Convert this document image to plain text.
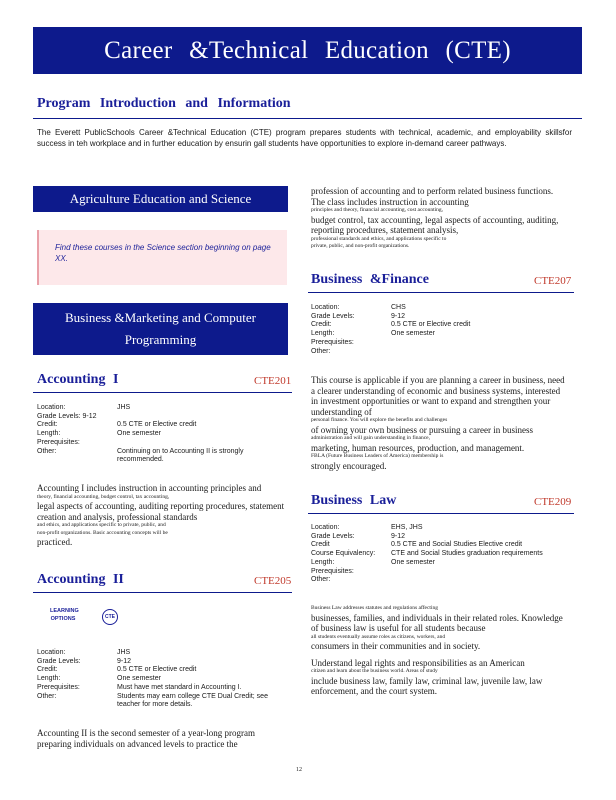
Career &Technical Education (CTE)
Program Introduction and Information
The Everett PublicSchools Career &Technical Education (CTE) program prepares students with technical, academic, and employability skillsfor success in teh workplace and in further education by ensurin gall students have opportunities to explore in-demand career pathways.
Agriculture Education and Science
Find these courses in the Science section beginning on page XX.
Business &Marketing and Computer Programming
Accounting I	CTE201
Location:	JHS
Grade Levels: 9-12
Credit:	0.5 CTE or Elective credit
Length:	One semester
Prerequisites:
Other:	Continuing on to Accounting II is strongly recommended.
Accounting I includes instruction in accounting principles and
theory, financial accounting, budget control, tax accounting,
legal aspects of accounting, auditing reporting procedures, statement creation and analysis, professional standards
and ethics, and applications specific to private, public, and
non-profit organizations. Basic accounting concepts will be
practiced.
Accounting II	CTE205
LEARNING OPTIONS	CTE
Location:	JHS
Grade Levels:	9-12
Credit:	0.5 CTE or Elective credit
Length:	One semester
Prerequisites:	Must have met standard in Accounting I.
Other:	Students may earn college CTE Dual Credit; see teacher for more details.
Accounting II is the second semester of a year-long program preparing individuals on advanced levels to practice the
profession of accounting and to perform related business functions. The class includes instruction in accounting
principles and theory, financial accounting, cost accounting,
budget control, tax accounting, legal aspects of accounting, auditing, reporting procedures, statement analysis,
professional standards and ethics, and applications specific to
private, public, and non-profit organizations.
Business &Finance	CTE207
Location:	CHS
Grade Levels:	9-12
Credit:	0.5 CTE or Elective credit
Length:	One semester
Prerequisites:
Other:
This course is applicable if you are planning a career in business, need a clearer understanding of economic and business systems, interested in investment opportunities or want to expand and strengthen your understanding of
personal finance. You will explore the benefits and challenges
of owning your own business or pursuing a career in business
administration and will gain understanding in finance,
marketing, human resources, production, and management.
FBLA (Future Business Leaders of America) membership is
strongly encouraged.
Business Law	CTE209
Location:	EHS, JHS
Grade Levels:	9-12
Credit	0.5 CTE and Social Studies Elective credit
Course Equivalency:	CTE and Social Studies graduation requirements
Length:	One semester
Prerequisites:
Other:
Business Law addresses statutes and regulations affecting
businesses, families, and individuals in their related roles. Knowledge of business law is useful for all students because
all students eventually assume roles as citizens, workers, and
consumers in their communities and in society.
Understand legal rights and responsibilities as an American
citizen and learn about the business world. Areas of study
include business law, family law, criminal law, juvenile law, law enforcement, and the court system.
12
